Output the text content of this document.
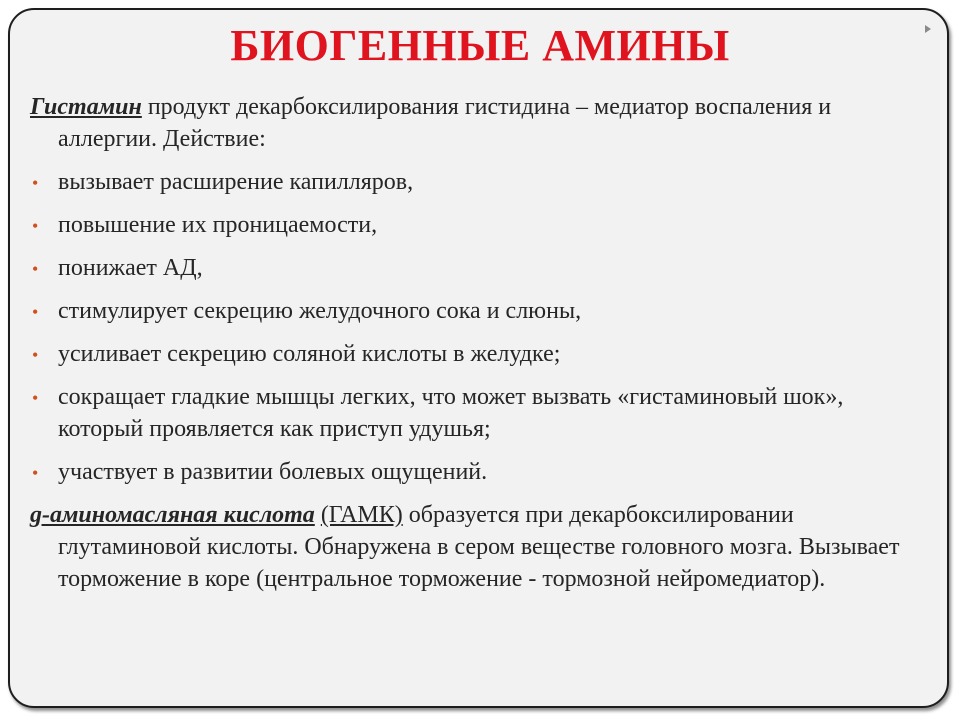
БИОГЕННЫЕ АМИНЫ

Гистамин продукт декарбоксилирования гистидина – медиатор воспаления и аллергии. Действие:

• вызывает расширение капилляров,
• повышение их проницаемости,
• понижает АД,
• стимулирует секрецию желудочного сока и слюны,
• усиливает секрецию соляной кислоты в желудке;
• сокращает гладкие мышцы легких, что может вызвать «гистаминовый шок», который проявляется как приступ удушья;
• участвует в развитии болевых ощущений.

g-аминомасляная кислота (ГАМК) образуется при декарбоксилировании глутаминовой кислоты. Обнаружена в сером веществе головного мозга. Вызывает торможение в коре (центральное торможение - тормозной нейромедиатор).
